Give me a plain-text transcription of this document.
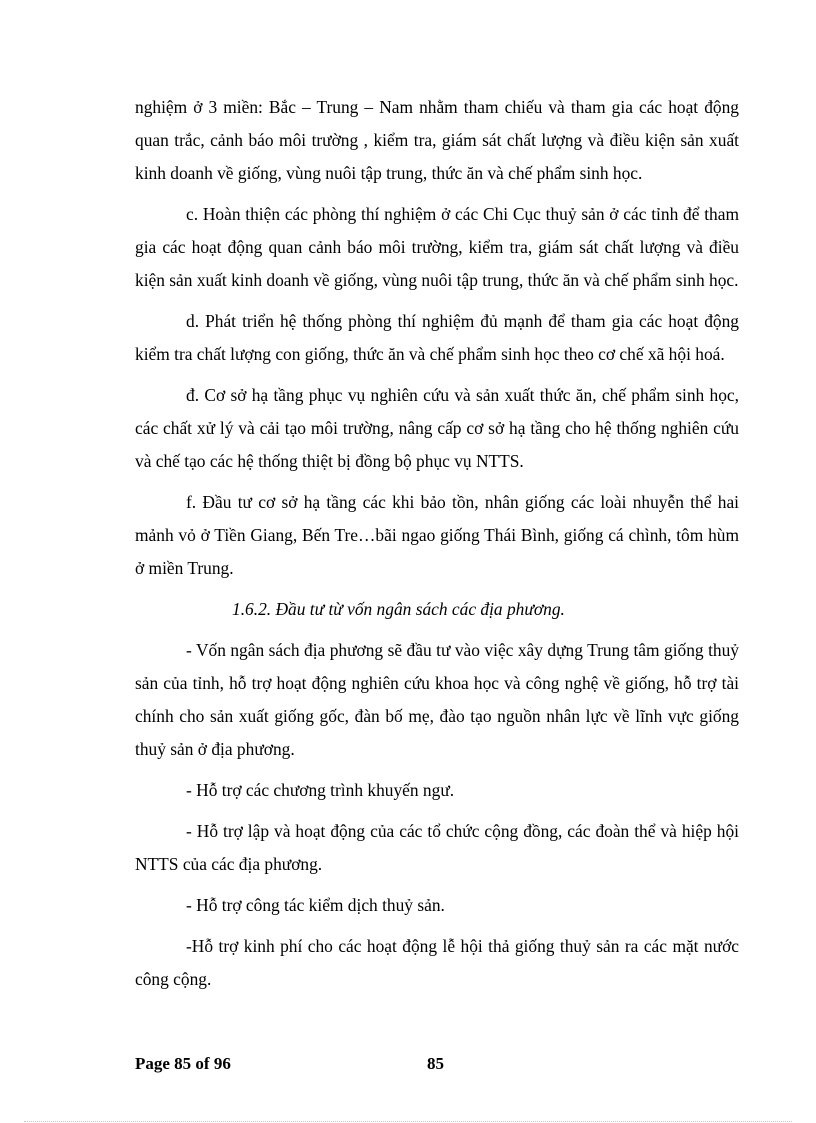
nghiệm ở 3 miền: Bắc – Trung – Nam nhằm tham chiếu và tham gia các hoạt động quan trắc, cảnh báo môi trường , kiểm tra, giám sát chất lượng và điều kiện sản xuất kinh doanh về giống, vùng nuôi tập trung, thức ăn và chế phẩm sinh học.

c. Hoàn thiện các phòng thí nghiệm ở các Chi Cục thuỷ sản ở các tỉnh để tham gia các hoạt động quan cảnh báo môi trường, kiểm tra, giám sát chất lượng và điều kiện sản xuất kinh doanh về giống, vùng nuôi tập trung, thức ăn và chế phẩm sinh học.

d. Phát triển hệ thống phòng thí nghiệm đủ mạnh để tham gia các hoạt động kiểm tra chất lượng con giống, thức ăn và chế phẩm sinh học theo cơ chế xã hội hoá.

đ. Cơ sở hạ tầng phục vụ nghiên cứu và sản xuất thức ăn, chế phẩm sinh học, các chất xử lý và cải tạo môi trường, nâng cấp cơ sở hạ tầng cho hệ thống nghiên cứu và chế tạo các hệ thống thiệt bị đồng bộ phục vụ NTTS.

f. Đầu tư cơ sở hạ tầng các khi bảo tồn, nhân giống các loài nhuyễn thể hai mảnh vỏ ở Tiền Giang, Bến Tre…bãi ngao giống Thái Bình, giống cá chình, tôm hùm ở miền Trung.

1.6.2. Đầu tư từ vốn ngân sách các địa phương.

- Vốn ngân sách địa phương sẽ đầu tư vào việc xây dựng Trung tâm giống thuỷ sản của tỉnh, hỗ trợ hoạt động nghiên cứu khoa học và công nghệ về giống, hỗ trợ tài chính cho sản xuất giống gốc, đàn bố mẹ, đào tạo nguồn nhân lực về lĩnh vực giống thuỷ sản ở địa phương.

- Hỗ trợ các chương trình khuyến ngư.

- Hỗ trợ lập và hoạt động của các tổ chức cộng đồng, các đoàn thể và hiệp hội NTTS của các địa phương.

- Hỗ trợ công tác kiểm dịch thuỷ sản.

-Hỗ trợ kinh phí cho các hoạt động lễ hội thả giống thuỷ sản ra các mặt nước công cộng.

Page 85 of 96	85
